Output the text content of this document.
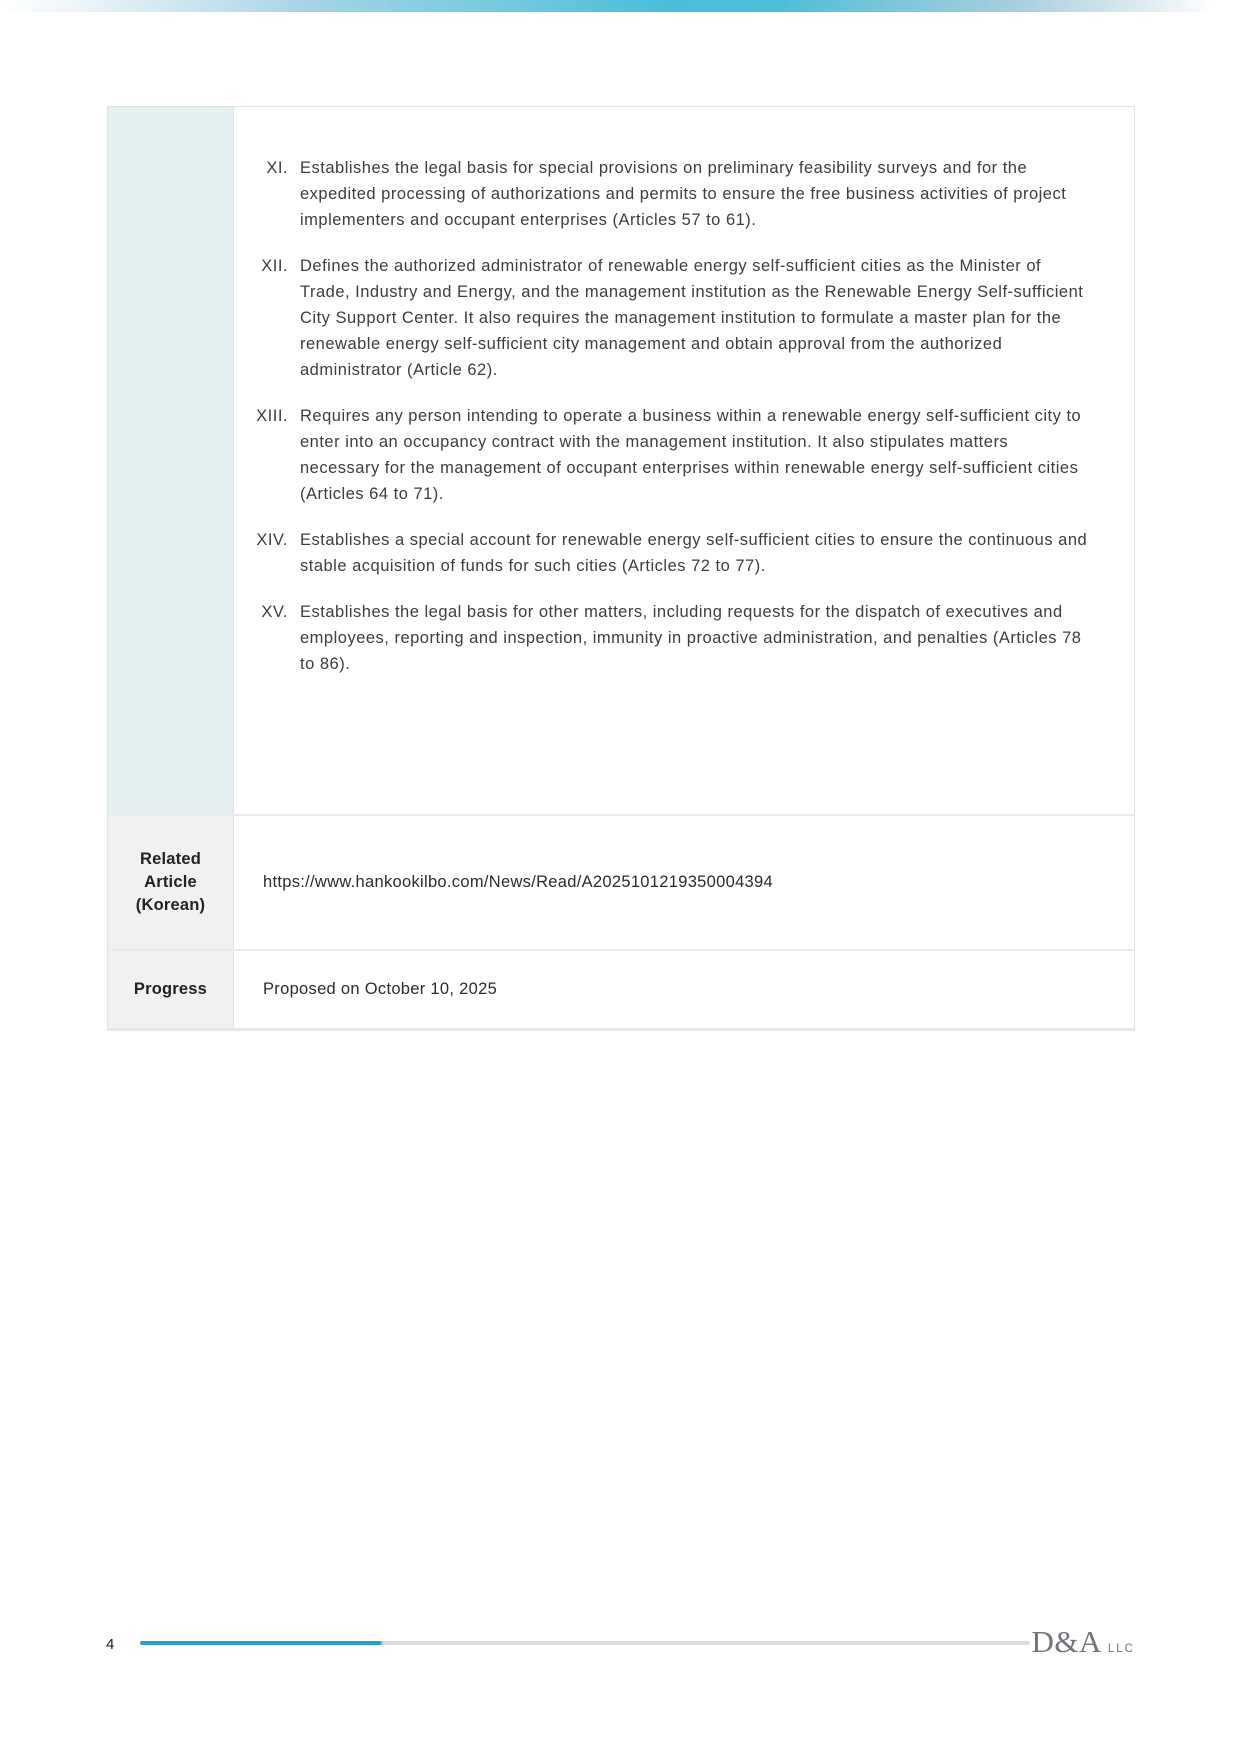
XI. Establishes the legal basis for special provisions on preliminary feasibility surveys and for the expedited processing of authorizations and permits to ensure the free business activities of project implementers and occupant enterprises (Articles 57 to 61).
XII. Defines the authorized administrator of renewable energy self-sufficient cities as the Minister of Trade, Industry and Energy, and the management institution as the Renewable Energy Self-sufficient City Support Center. It also requires the management institution to formulate a master plan for the renewable energy self-sufficient city management and obtain approval from the authorized administrator (Article 62).
XIII. Requires any person intending to operate a business within a renewable energy self-sufficient city to enter into an occupancy contract with the management institution. It also stipulates matters necessary for the management of occupant enterprises within renewable energy self-sufficient cities (Articles 64 to 71).
XIV. Establishes a special account for renewable energy self-sufficient cities to ensure the continuous and stable acquisition of funds for such cities (Articles 72 to 77).
XV. Establishes the legal basis for other matters, including requests for the dispatch of executives and employees, reporting and inspection, immunity in proactive administration, and penalties (Articles 78 to 86).
Related Article (Korean)
https://www.hankookilbo.com/News/Read/A2025101219350004394
Progress	Proposed on October 10, 2025
4	D&A LLC
